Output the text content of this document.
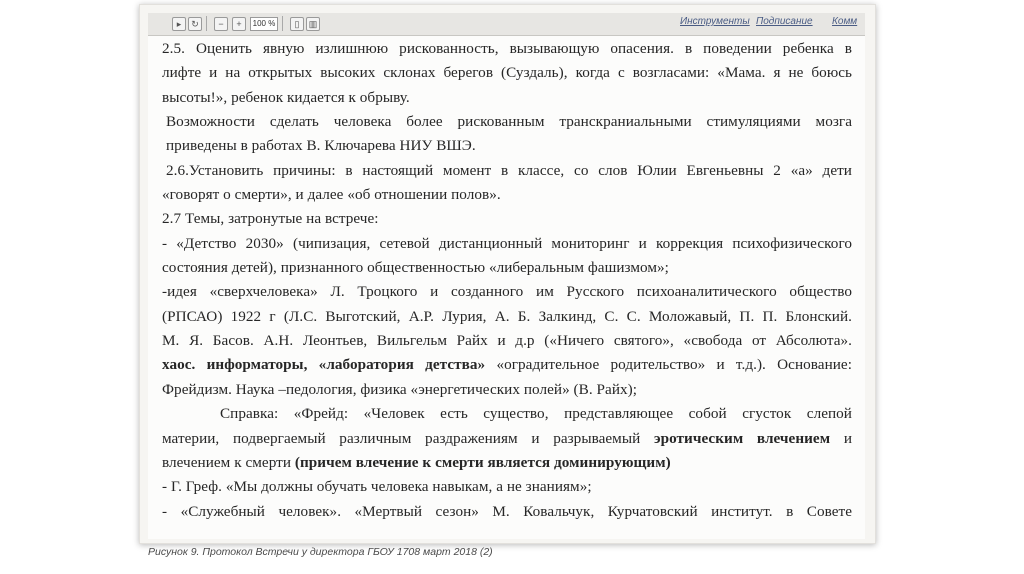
▸	↻	−	+	100 %	▯	▥	Инструменты Подписание Комм

2.5. Оценить явную излишнюю рискованность, вызывающую опасения. в поведении ребенка в

лифте и на открытых высоких склонах берегов (Суздаль), когда с возгласами: «Мама. я не боюсь

высоты!», ребенок кидается к обрыву.

Возможности сделать человека более рискованным транскраниальными стимуляциями мозга

приведены в работах В. Ключарева НИУ ВШЭ.

2.6.Установить причины: в настоящий момент в классе, со слов Юлии Евгеньевны 2 «а» дети

«говорят о смерти», и далее «об отношении полов».

2.7 Темы, затронутые на встрече:

- «Детство 2030» (чипизация, сетевой дистанционный мониторинг и коррекция психофизического

состояния детей), признанного общественностью «либеральным фашизмом»;

-идея «сверхчеловека» Л. Троцкого и созданного им Русского психоаналитического общество

(РПСАО) 1922 г (Л.С. Выготский, А.Р. Лурия, А. Б. Залкинд, С. С. Моложавый, П. П. Блонский.

М. Я. Басов. А.Н. Леонтьев, Вильгельм Райх и д.р («Ничего святого», «свобода от Абсолюта».

хаос. информаторы, «лаборатория детства» «оградительное родительство» и т.д.). Основание:

Фрейдизм. Наука –педология, физика «энергетических полей» (В. Райх);

Справка: «Фрейд: «Человек есть существо, представляющее собой сгусток слепой

материи, подвергаемый различным раздражениям и разрываемый эротическим влечением и

влечением к смерти (причем влечение к смерти является доминирующим)

- Г. Греф. «Мы должны обучать человека навыкам, а не знаниям»;

- «Служебный человек». «Мертвый сезон» М. Ковальчук, Курчатовский институт. в Совете

Рисунок 9. Протокол Встречи у директора ГБОУ 1708 март 2018 (2)
